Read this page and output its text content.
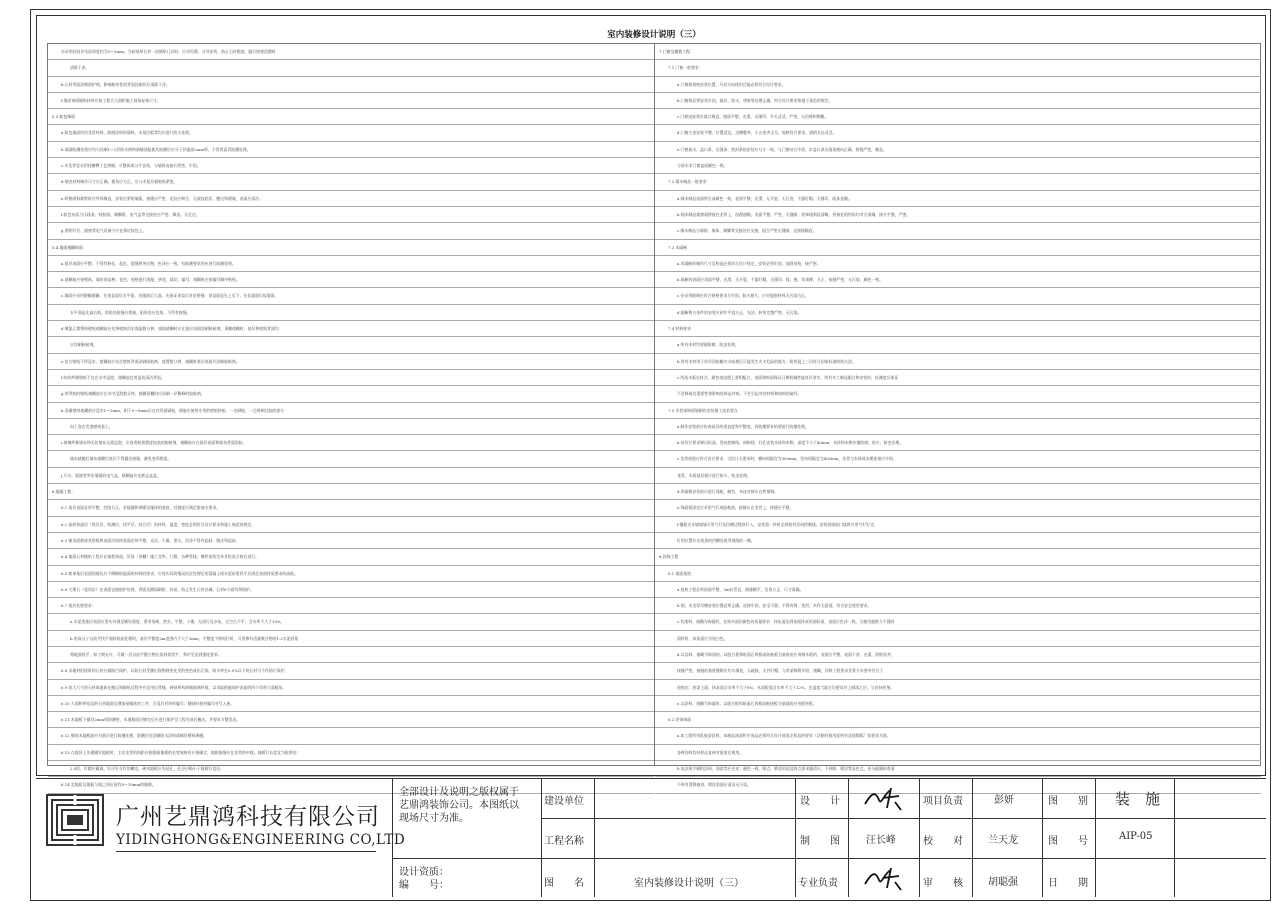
室内装修设计说明（三）
东采用轻结层实际厚度约为3～5mm，当粘贴厚石材一次铺贴几层时，应采用薄、分导安装，防止石材脱落，跟后按规范随时
清除干净。
b.石材背面涂刷防护剂，影响粘结性的背面涂刷层应清除干净。
f.墙面饰面铺贴材料应按工程合大面积施工现场复核尺寸。
5.3 软包饰面
a.软包墙面所用龙骨材料、防腐涂料和面料，木基层板等均应进行防火处理。
b.墙面防潮处理应均匀涂刷1～2层防水剂和满铺油毡使其防潮层应分子层提高2mm厚，不得用沥青防潮处理。
c.木龙骨宜采用挂槽榫工艺拼制，可整体或分片安装，与墙体连接应紧密、牢固。
d.填充材料制作尺寸应正确，棱角应方正，应与木基层板粘贴紧密。
e.织物面料裁剪时应经纬顺直，安装应紧贴墙面，接缝应严密，花纹应吻合，无波纹起伏、翘边和褶皱，表面应清洁。
f.软包布面与压线条、贴脸线、踢脚板、电气盒等交接处应严密、顺直、无毛边。
g.照明开关、插座等电气设备不应在靠近软包上。
5.4 墙面裱糊饰面
a.基层表面应平整、不得有粉化、起皮、裂缝和突出物，色泽应一致，有防潮要求的应进行防潮处理。
b.裱糊前应按壁纸、墙布的品种、花色、规格进行选配、拼花、裁切、编号，裱糊时应按编号顺序粘贴。
c.墙面应采用整幅裱糊，先垂直面后水平面，先细部后大面。先保证垂直后对花拼缝，垂直面是先上后下，先长墙面后短墙面，
水平面是先高后低。阴角处接缝应搭接，阳角处应包角，不得有接缝。
d.聚氯乙烯塑料壁纸裱糊前应先将壁纸用水润湿数分钟，墙面裱糊时应在基层表面涂刷胶粘剂，顶棚裱糊时，基层和壁纸背面均
应涂刷胶粘剂。
e.复合壁纸不得浸水，裱糊前应先在壁纸背面涂刷胶粘剂，放置数分钟，裱糊时基层表面应涂刷胶粘剂。
f.纺织纤维壁纸不宜在水中浸泡，裱糊前宜用湿布清洁背面。
g.带背胶的壁纸裱糊前应在水中浸泡数分钟，裱糊顶棚时应涂刷一层稀释的胶粘剂。
h.金属壁纸裱糊前应浸水1～2min，阴干5～8min后在其背面刷胶，刷胶应使用专用的壁纸粉胶，一边刷胶，一边将刷过胶的部分
向上卷在发泡壁纸卷上。
i.玻璃纤维墙布和无纺墙布无需浸泡，应选用粘接强度较高的胶粘剂，裱糊前应在基层表面和墙布背面涂胶，
墙布裱糊后墙布裱糊后底层不得露出接缝，避免变形脱落。
j.开关、插座等突出墙面的电气盒，裱糊前应先卸去盒盖。
6.地面工程：
6.1 基层表面必须平整，凹陷方正，若地漏和供暖设施体的基底，其坡度应满足排放水要求。
6.2 基底构造层（垫层层、防潮层、找平层、结合层）的材料、温度、密度必须符合设计要求和施工规范的规定。
6.3 铺设面板或其垫板和表面层结构表面必须平整、光洁、干燥、密实，洁净不得有起砂、脱皮和起砂。
6.4 地面石材铺贴工程应在墙柱饰面，吊顶（顶棚）施工完毕，门框、各种管线、槽件安装完毕并检验合格后进行。
6.5 如果基层表面的地坑应不侧铺贴地面的材料的要求，应视实际的情况而定处理后的混凝土或水泥砂浆找平层满足表面材质要求的高低。
6.6 大理石（花岗岩）在表面宜做防护处理，背面及侧面刷防、封闭，防止发生石材泛碱。石材6个面均须防护。
6.7 基层处理要求：
a.水泥类基层表面应坚实并满足铺设强度，要求坚硬、密实、平整、干燥，无油污及杂灰，无空凸不平，含水率不大于10%。
b.用高分子自流平找平面砂浆前处理时，基层平整度2m范围内不大于3mm，平整度不够再打时，可用掺有适量聚合物的1:2水泥砂浆
将地面找平，如工期允许，可做一层自流平整合物长浆砂浆找平，养护至达到强度要求。
6.8 采地材衔接时的石材应做防污保护，以防石材受潮出现物理变化受的变色或出污染，吸水率在0.5%以下的石材可不作防污保护。
6.9 较大尺寸的石材或地砖在搬运和铺贴过程中应宜用后背铺，碎贴和构须铺玻璃纤维，以采取措施保护表面的四个角和立面棱角。
6.10 大面积带花纹的石材地面宜增加预铺选材工序，合适后对块材编号；铺贴时按材编号对号入座。
6.11 木地板下铺设2mm厚防潮垫，木地板面层铺完后应进行保护至工程完成后撤出。并要求方整美洁。
6.12 铺装木地板前应对基层进行防潮处理，防潮层宜涂刷防水涂料或铺设塑料薄膜。
6.13 在地异上先做铺钉地板时，主次龙骨的间距应根据面地板的长宽规格设计要确定，地板接缝应在龙骨的中线，地板钉长度宜为板厚的
2.5倍，钉帽应砸扁，钉应钉在钉的槽边，硬木地板应先钻孔，孔径应略小于地板钉直径。
6.14 毛地板及地板与墙之间应留有8～10mm的缝隙。
7.门窗及楼板工程：
7.1 门窗一般要求：
a.门窗框规格安装位置，开启方向使用功能必须符合设计要求。
b.门窗框必须安装牢固，隔音、防火、透射等处理正确，符合设计要求和施工规范的规定。
c.门窗扇安装应裁口顺直，刨面平整、光滑，无锤印，开关灵活，严密，无回弹和倒翘。
d.门窗五金安装平整，位置适宜，边槽整齐，小五金齐全为，规格符合要求，插销关启灵活。
e.门窗披水、盖口条、压缝条、密封条的安装应尺寸一致，与门窗结合牢固，木盖口条压缝条割向正确，拼缝严密，顺直。
与清水木门窗盖面颜色一致。
7.2 细木制品一般要求：
a.细木制品表面须呈深颜色一致，表面平整、光滑，无开裂，无污迹，不露钉帽，无锤印，线条直顺。
b.细木制品裁割面拼接在龙骨上，纹理通顺，表面平整，严密，无缝隙，装饰线刻纹清晰，折接处的拐角均对合准确，接头平整，严密。
c.细木制品与墙裙、墙体、踢脚等交接处应交接，组合严密无缝隙，交接线顺直。
7.3 木隔断
a.木隔断的制作尺寸及构造必须符合设计规定，安装必须牢固，加固坚持，接严密。
b.隔断的表面应表面平整，光滑，无开裂，不露钉帽，无锤印，线、抱，角顶柳，方正，接缝严密，无污染，颜色一致。
c.壳采用玻璃应符合规格要求方牢固，防火耐久，应对裂损材料无污染为止。
d.隔断和五金件的安装应到牢平直方正，光洁，转角完整严密，无污染。
7.4 材料要求
a.所有木材均要做防腐，防虫处理。
b.所有木材用于作吊顶接触火灾或烟后可能发生火灾危险的地方，防带温上三层符合国家标准的防火涂。
c.所选木板在样式、颜色或纹理上要相配合，表面和饰面保证日期机械性能良好坚实，所有木工制品服合和安装时，检测度应保证
不会降低其重要性和影响装饰品外观。不会引起对装材料和结构的破坏。
7.5 木装饰饰面墙制作安装施工技术要点
a.制作安装前应检查基层的垂直度和平整度，有防潮要求的要进行防潮处理。
b.按设计要求弹出标高，竖向控制线，网格线，打孔安装木砖和木楔，深度不小于40mm，木砖和木楔应做防腐，防火，防虫处理。
c.龙骨间距应符合设计要求，当设计无要求时，横向间隔宜为300mm，竖向间隔宜为400mm，龙骨与木砖或木楔连接应牢固。
龙骨，木质基层板应进行防火，防虫处理。
d.饰面板安装前应进行选配，颜色，木纹对接应自然谐调。
e.饰面板固定应采用气钉或胶粘接，接缝应在龙骨上，接缝应平整。
f.镶板式木墙墙墙可用气钉从凹槽边缘斜钉入，安装第一块时必须校对竖向控制线，安装拐或收口线时应用气钉钉定，
钉的位置应在线条的凹槽处或背视线的一侧。
8.涂饰工程
8.1 墙面基底：
a.基底工程必须前面平整，3m拉青直，接缝顺平，边角方正，尺寸准确。
b.钢，木龙骨吊槽安装位置必须正确，连接牢固，安全可靠，不得有锈，变形，木件无裂面，符合安全使用要求。
c.饮滚料、裱糊为饰面的，在核实面层颜色的质量要求：抹灰面达到该面抹灰的面标准，表面应色泽一致，当使用超龄力不强的
面材时，抹灰面应为纯白色。
d.以涂料、裱糊为饰面的，以胶合板和纸面石膏板或防粘板为基底的应用制木板的，表面应平整，表面干净，光滑，阴阳角齐，
接缝严密，接缝的基底缝隙应均匀填充，无疏鼓，无外钉帽，与骨架吸附牢固，裱糊，涂料工程要求龙骨方木要对付合于
纯规定；底漆上面，抹灰面含水率不大于8%，木质板面含水率不大于12%，在湿度大地方均要求层上刷漆乙层，与涂抹性剂。
e.以涂料、裱糊为饰面的，以胶合板和纸面石膏板或粘接板为基础的应用板材板。
8.2 涂饰饰面
a.本工程所用乳胶漆涂料，本制品油漆和手成品必须符合设计或选定样品的要求（法制有使用说明书及视频版厂家要求为准。
各种涂料均经样品复核对批准后使用。
b.电涂或手刷的涂料，油漆等应光亮；颜色一致，喷点，喷花的花纹图点要求播适应，不掉粉，喷涂等显色点，充分能随时查看
不带有滑移痕迹，喷涂表面应清洁无污染。
广州艺鼎鸿科技有限公司
YIDINGHONG&ENGINEERING CO,LTD
全部设计及说明之版权属于
艺鼎鸿装饰公司。本图纸以
现场尺寸为准。
设计资质：
编　　号：
建设单位
工程名称
图　　名	室内装修设计说明（三）
设　　计
制　　图
专业负责
汪长峰
项目负责
校　　对
审　　核
彭妍
兰天龙
胡聪强
图　　别
图　　号
日　　期
装　施
AIP-05
